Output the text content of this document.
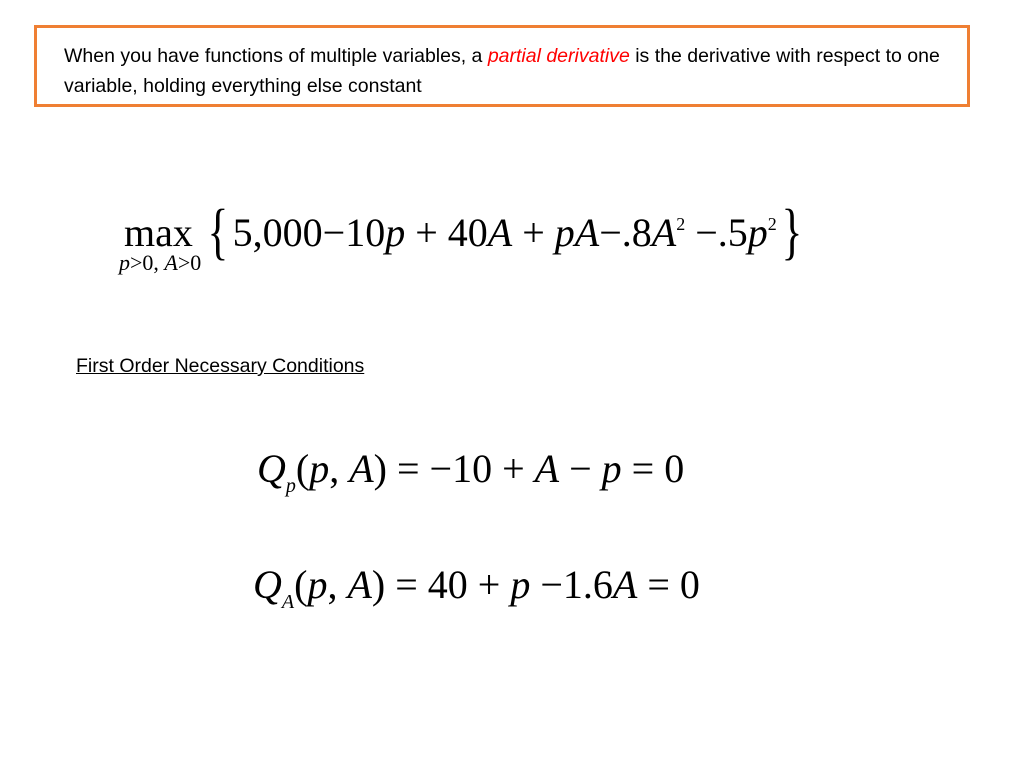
When you have functions of multiple variables, a partial derivative is the derivative with respect to one variable, holding everything else constant
max { $5,000-10p + 40A + pA-.8A^2 -.5p^2$}
p>0, A>0
First Order Necessary Conditions
$Q_p(p$, A) = −10 + A − p = 0
$Q_A(p$, A) = 40 + p −1.6A = 0
